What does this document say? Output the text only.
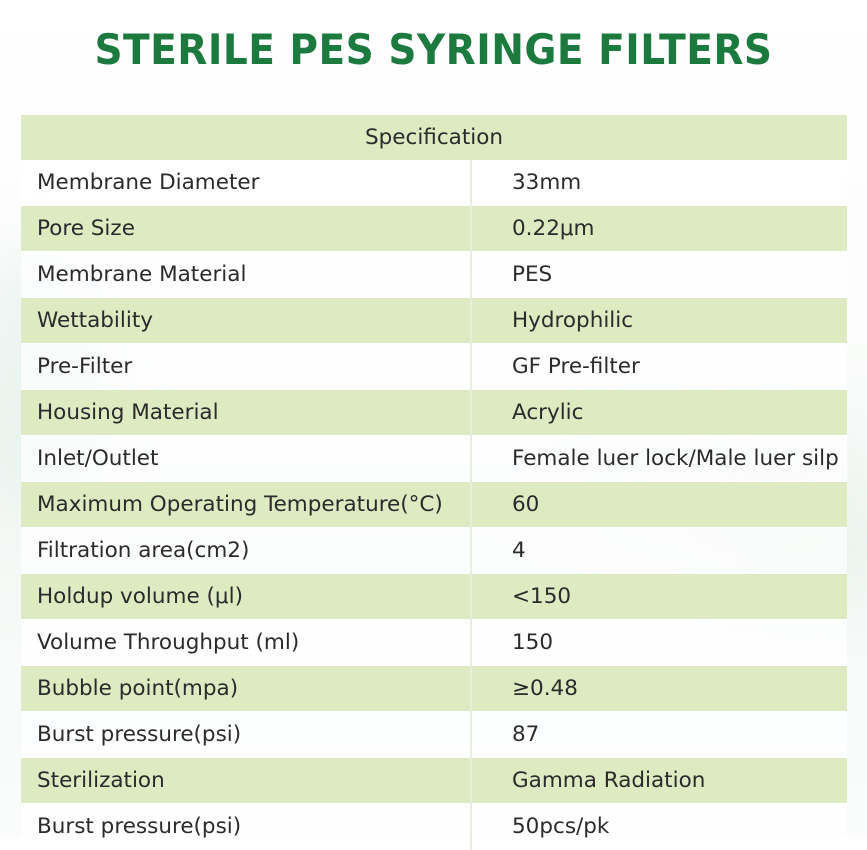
STERILE PES SYRINGE FILTERS
Specification	
Membrane Diameter	33mm
Pore Size	0.22μm
Membrane Material	PES
Wettability	Hydrophilic
Pre-Filter	GF Pre-filter
Housing Material	Acrylic
Inlet/Outlet	Female luer lock/Male luer silp
Maximum Operating Temperature(°C)	60
Filtration area(cm2)	4
Holdup volume (μl)	<150
Volume Throughput (ml)	150
Bubble point(mpa)	≥0.48
Burst pressure(psi)	87
Sterilization	Gamma Radiation
Burst pressure(psi)	50pcs/pk
